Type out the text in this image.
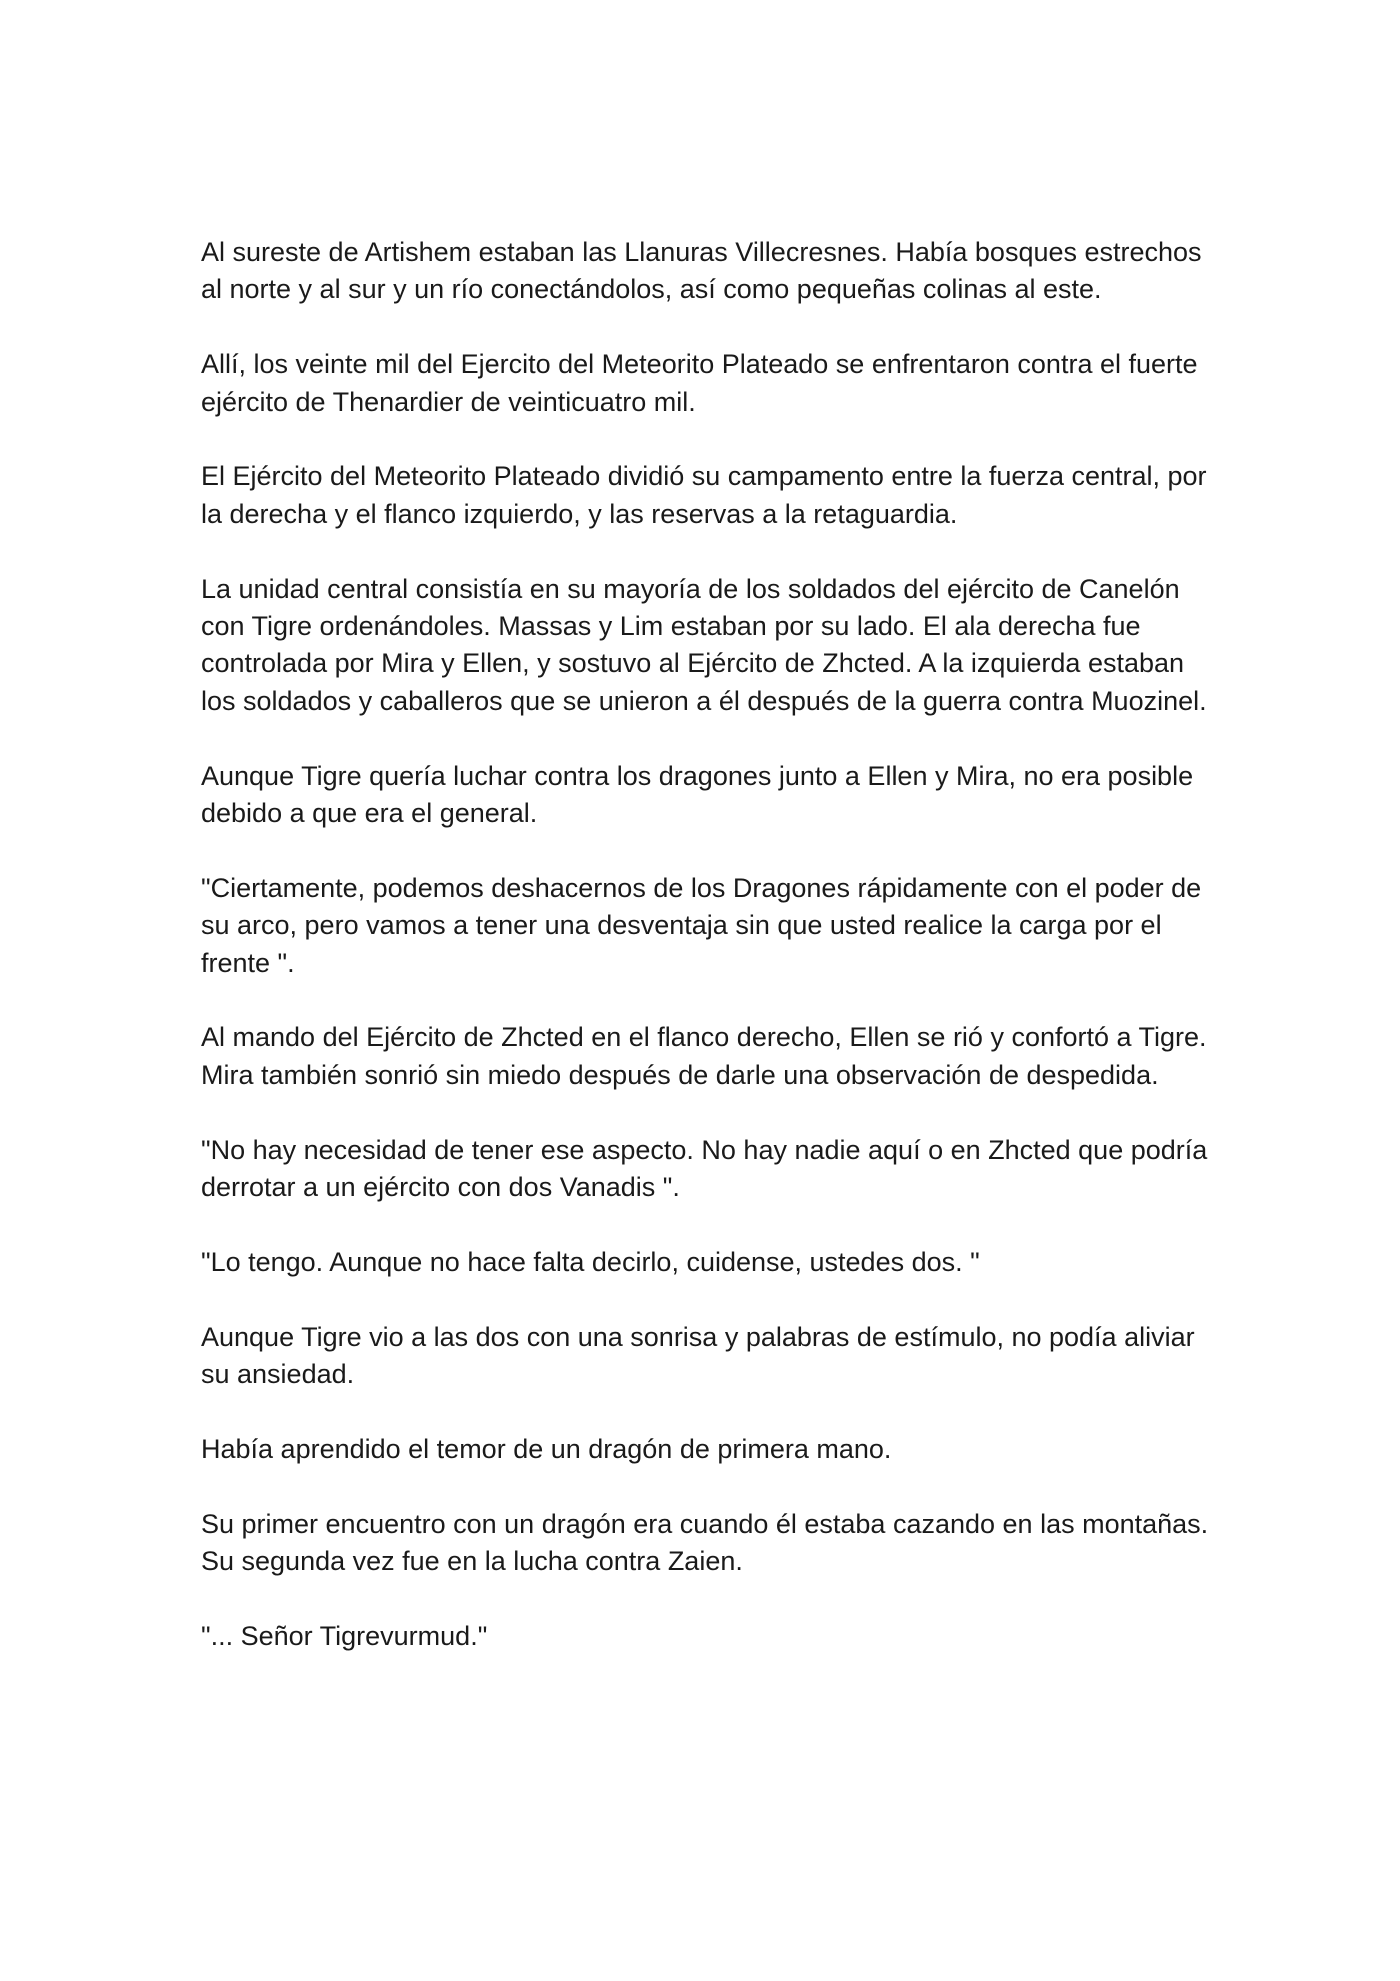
Al sureste de Artishem estaban las Llanuras Villecresnes. Había bosques estrechos al norte y al sur y un río conectándolos, así como pequeñas colinas al este.

Allí, los veinte mil del Ejercito del Meteorito Plateado se enfrentaron contra el fuerte ejército de Thenardier de veinticuatro mil.

El Ejército del Meteorito Plateado dividió su campamento entre la fuerza central, por la derecha y el flanco izquierdo, y las reservas a la retaguardia.

La unidad central consistía en su mayoría de los soldados del ejército de Canelón con Tigre ordenándoles. Massas y Lim estaban por su lado. El ala derecha fue controlada por Mira y Ellen, y sostuvo al Ejército de Zhcted. A la izquierda estaban los soldados y caballeros que se unieron a él después de la guerra contra Muozinel.

Aunque Tigre quería luchar contra los dragones junto a Ellen y Mira, no era posible debido a que era el general.

"Ciertamente, podemos deshacernos de los Dragones rápidamente con el poder de su arco, pero vamos a tener una desventaja sin que usted realice la carga por el frente ".

Al mando del Ejército de Zhcted en el flanco derecho, Ellen se rió y confortó a Tigre. Mira también sonrió sin miedo después de darle una observación de despedida.

"No hay necesidad de tener ese aspecto. No hay nadie aquí o en Zhcted que podría derrotar a un ejército con dos Vanadis ".

"Lo tengo. Aunque no hace falta decirlo, cuidense, ustedes dos. "

Aunque Tigre vio a las dos con una sonrisa y palabras de estímulo, no podía aliviar su ansiedad.

Había aprendido el temor de un dragón de primera mano.

Su primer encuentro con un dragón era cuando él estaba cazando en las montañas. Su segunda vez fue en la lucha contra Zaien.

"... Señor Tigrevurmud."
